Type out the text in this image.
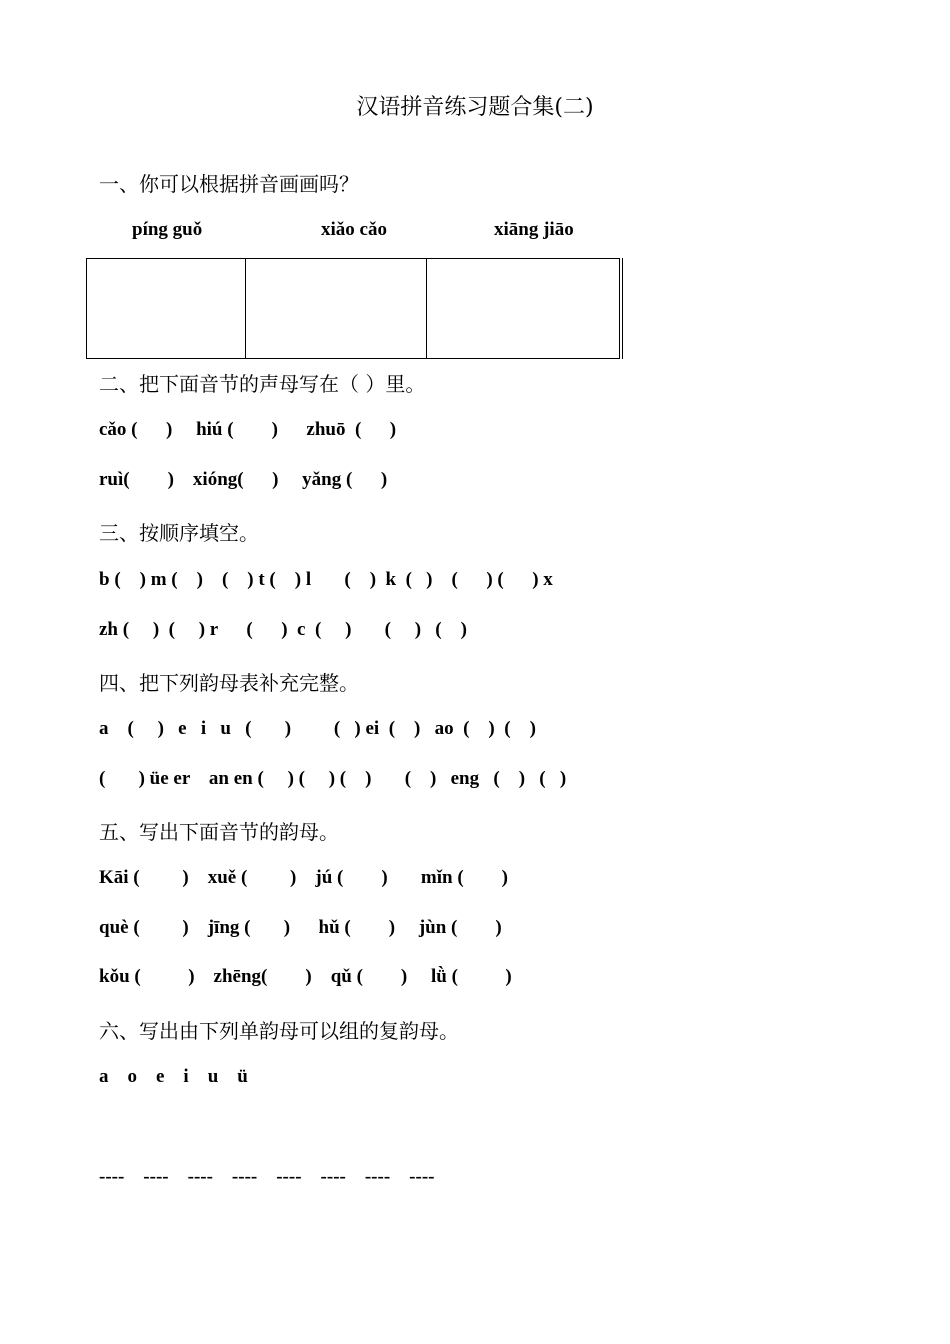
汉语拼音练习题合集(二)
一、你可以根据拼音画画吗？
píng guǒ	xiǎo cǎo	xiāng jiāo
二、把下面音节的声母写在（ ）里。
cǎo (      )     hiú (        )      zhuō  (      )
ruì(        )    xióng(      )     yǎng (      )
三、按顺序填空。
b (    ) m (    )    (    ) t (    ) l       (    )  k  (   )    (      ) (      ) x
zh (     )  (     ) r      (      )  c  (     )       (     )   (    )
四、把下列韵母表补充完整。
a    (     )   e   i   u   (       )         (   ) ei  (    )   ao  (    )  (    )
(       ) üe er    an en (     ) (     ) (    )       (    )   eng   (    )   (   )
五、写出下面音节的韵母。
Kāi (         )    xuě (         )    jú (        )       mǐn (        )
què (         )    jīng (       )      hǔ (        )     jùn (        )
kǒu (          )    zhēng(        )    qǔ (        )     lǜ (          )
六、写出由下列单韵母可以组的复韵母。
a    o    e    i    u    ü
----    ----    ----    ----    ----    ----    ----    ----
